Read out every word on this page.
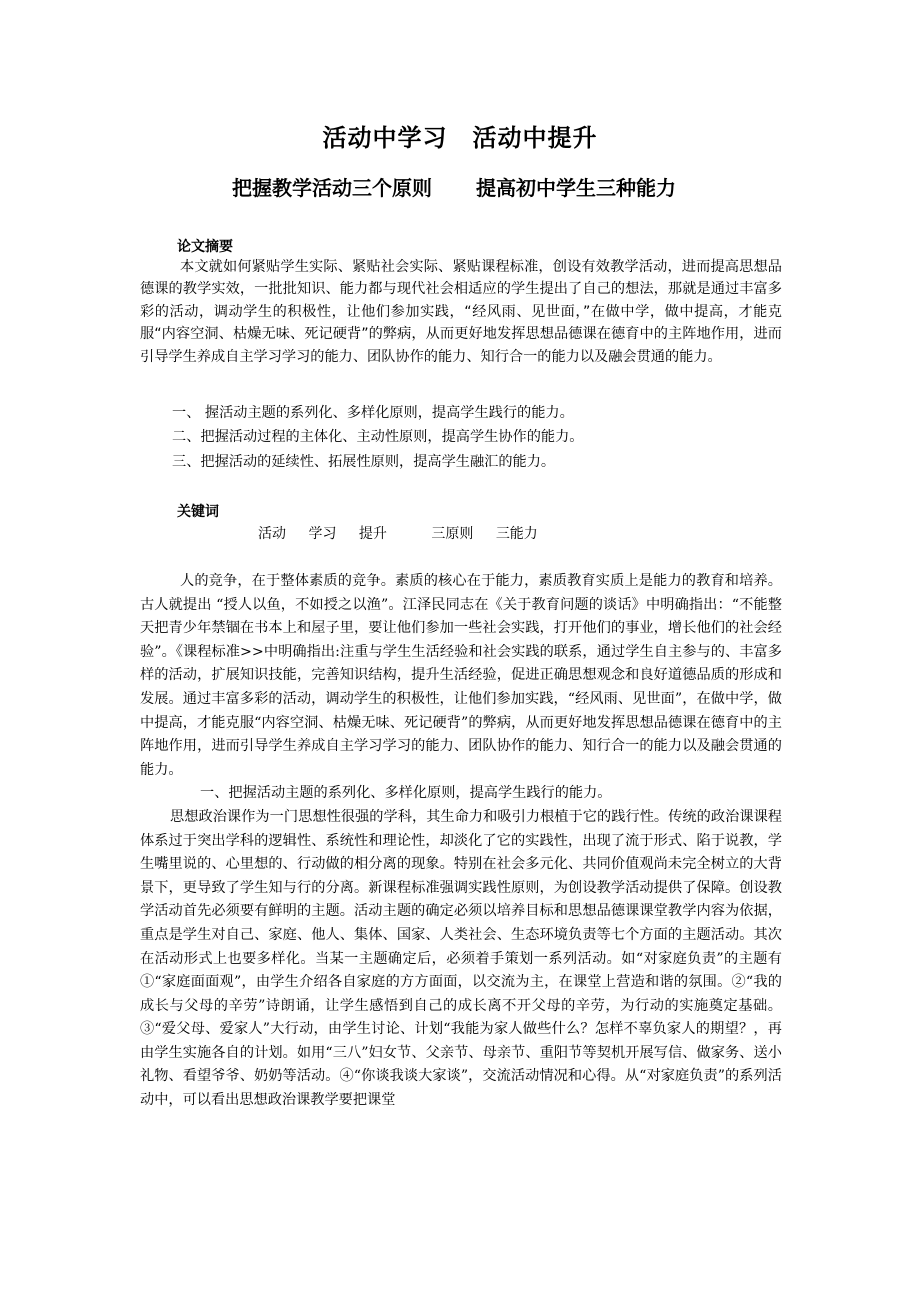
活动中学习　活动中提升
把握教学活动三个原则 提高初中学生三种能力
论文摘要

本文就如何紧贴学生实际、紧贴社会实际、紧贴课程标准，创设有效教学活动，进而提高思想品德课的教学实效，一批批知识、能力都与现代社会相适应的学生提出了自己的想法，那就是通过丰富多彩的活动，调动学生的积极性，让他们参加实践，“经风雨、见世面，”在做中学，做中提高，才能克服“内容空洞、枯燥无味、死记硬背”的弊病，从而更好地发挥思想品德课在德育中的主阵地作用，进而引导学生养成自主学习学习的能力、团队协作的能力、知行合一的能力以及融会贯通的能力。

一、 握活动主题的系列化、多样化原则，提高学生践行的能力。
二、把握活动过程的主体化、主动性原则，提高学生协作的能力。
三、把握活动的延续性、拓展性原则，提高学生融汇的能力。
关键词
活动 学习 提升	三原则 三能力

人的竞争，在于整体素质的竞争。素质的核心在于能力，素质教育实质上是能力的教育和培养。古人就提出 “授人以鱼，不如授之以渔”。江泽民同志在《关于教育问题的谈话》中明确指出：“不能整天把青少年禁锢在书本上和屋子里，要让他们参加一些社会实践，打开他们的事业，增长他们的社会经验”。《课程标准>>中明确指出:注重与学生生活经验和社会实践的联系，通过学生自主参与的、丰富多样的活动，扩展知识技能，完善知识结构，提升生活经验，促进正确思想观念和良好道德品质的形成和发展。通过丰富多彩的活动，调动学生的积极性，让他们参加实践，“经风雨、见世面”，在做中学，做中提高，才能克服“内容空洞、枯燥无味、死记硬背”的弊病，从而更好地发挥思想品德课在德育中的主阵地作用，进而引导学生养成自主学习学习的能力、团队协作的能力、知行合一的能力以及融会贯通的能力。

一、把握活动主题的系列化、多样化原则，提高学生践行的能力。

思想政治课作为一门思想性很强的学科，其生命力和吸引力根植于它的践行性。传统的政治课课程体系过于突出学科的逻辑性、系统性和理论性，却淡化了它的实践性，出现了流于形式、陷于说教，学生嘴里说的、心里想的、行动做的相分离的现象。特别在社会多元化、共同价值观尚未完全树立的大背景下，更导致了学生知与行的分离。新课程标准强调实践性原则，为创设教学活动提供了保障。创设教学活动首先必须要有鲜明的主题。活动主题的确定必须以培养目标和思想品德课课堂教学内容为依据，重点是学生对自己、家庭、他人、集体、国家、人类社会、生态环境负责等七个方面的主题活动。其次在活动形式上也要多样化。当某一主题确定后，必须着手策划一系列活动。如“对家庭负责”的主题有①“家庭面面观”，由学生介绍各自家庭的方方面面，以交流为主，在课堂上营造和谐的氛围。②“我的成长与父母的辛劳”诗朗诵，让学生感悟到自己的成长离不开父母的辛劳，为行动的实施奠定基础。③“爱父母、爱家人”大行动，由学生讨论、计划“我能为家人做些什么？怎样不辜负家人的期望？，再由学生实施各自的计划。如用“三八”妇女节、父亲节、母亲节、重阳节等契机开展写信、做家务、送小礼物、看望爷爷、奶奶等活动。④“你谈我谈大家谈”，交流活动情况和心得。从“对家庭负责”的系列活动中，可以看出思想政治课教学要把课堂
